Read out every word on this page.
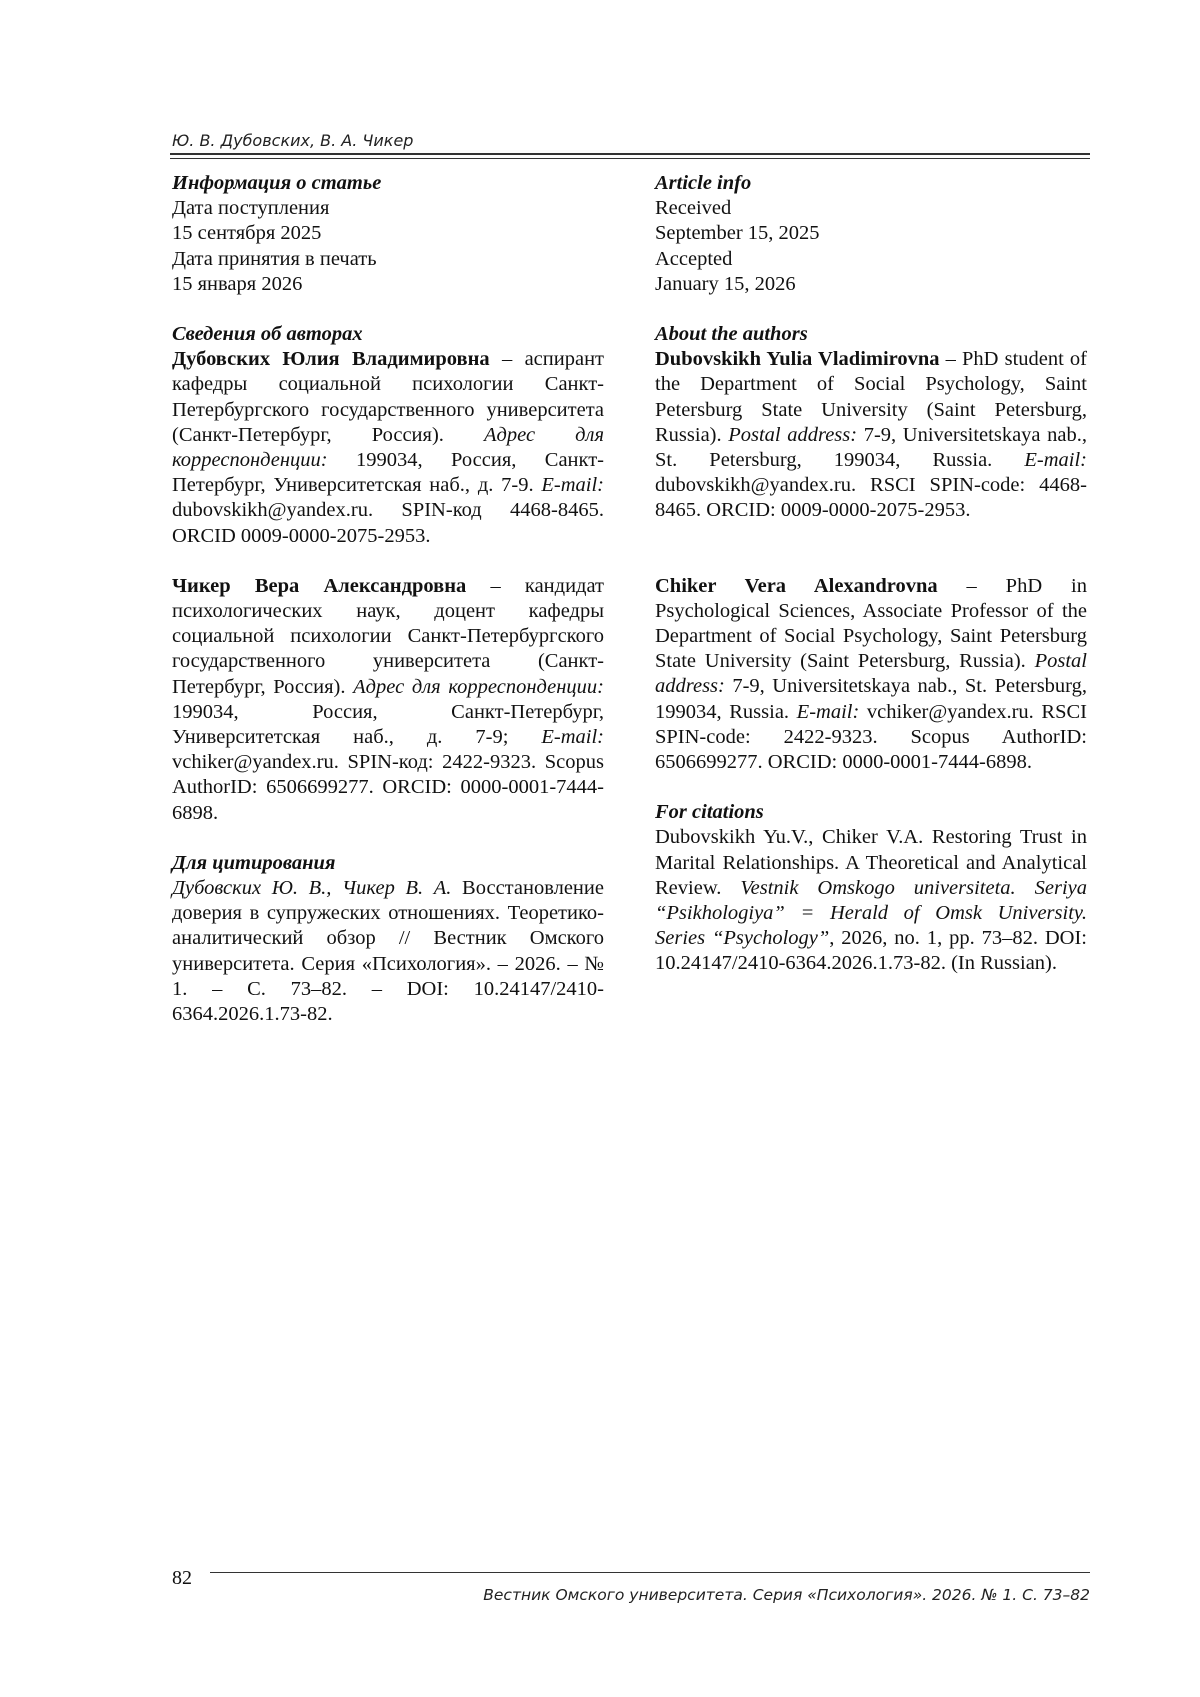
Ю. В. Дубовских, В. А. Чикер
Информация о статье
Дата поступления
15 сентября 2025
Дата принятия в печать
15 января 2026
Сведения об авторах
Дубовских Юлия Владимировна – аспирант кафедры социальной психологии Санкт-Петербургского государственного университета (Санкт-Петербург, Россия). Адрес для корреспонденции: 199034, Россия, Санкт-Петербург, Университетская наб., д. 7-9. E-mail: dubovskikh@yandex.ru. SPIN-код 4468-8465. ORCID 0009-0000-2075-2953.
Чикер Вера Александровна – кандидат психологических наук, доцент кафедры социальной психологии Санкт-Петербургского государственного университета (Санкт-Петербург, Россия). Адрес для корреспонденции: 199034, Россия, Санкт-Петербург, Университетская наб., д. 7-9; E-mail: vchiker@yandex.ru. SPIN-код: 2422-9323. Scopus AuthorID: 6506699277. ORCID: 0000-0001-7444-6898.
Для цитирования
Дубовских Ю. В., Чикер В. А. Восстановление доверия в супружеских отношениях. Теоретико-аналитический обзор // Вестник Омского университета. Серия «Психология». – 2026. – № 1. – С. 73–82. – DOI: 10.24147/2410-6364.2026.1.73-82.
Article info
Received
September 15, 2025
Accepted
January 15, 2026
About the authors
Dubovskikh Yulia Vladimirovna – PhD student of the Department of Social Psychology, Saint Petersburg State University (Saint Petersburg, Russia). Postal address: 7-9, Universitetskaya nab., St. Petersburg, 199034, Russia. E-mail: dubovskikh@yandex.ru. RSCI SPIN-code: 4468-8465. ORCID: 0009-0000-2075-2953.
Chiker Vera Alexandrovna – PhD in Psychological Sciences, Associate Professor of the Department of Social Psychology, Saint Petersburg State University (Saint Petersburg, Russia). Postal address: 7-9, Universitetskaya nab., St. Petersburg, 199034, Russia. E-mail: vchiker@yandex.ru. RSCI SPIN-code: 2422-9323. Scopus AuthorID: 6506699277. ORCID: 0000-0001-7444-6898.
For citations
Dubovskikh Yu.V., Chiker V.A. Restoring Trust in Marital Relationships. A Theoretical and Analytical Review. Vestnik Omskogo universiteta. Seriya “Psikhologiya” = Herald of Omsk University. Series “Psychology”, 2026, no. 1, pp. 73–82. DOI: 10.24147/2410-6364.2026.1.73-82. (In Russian).
82
Вестник Омского университета. Серия «Психология». 2026. № 1. С. 73–82
